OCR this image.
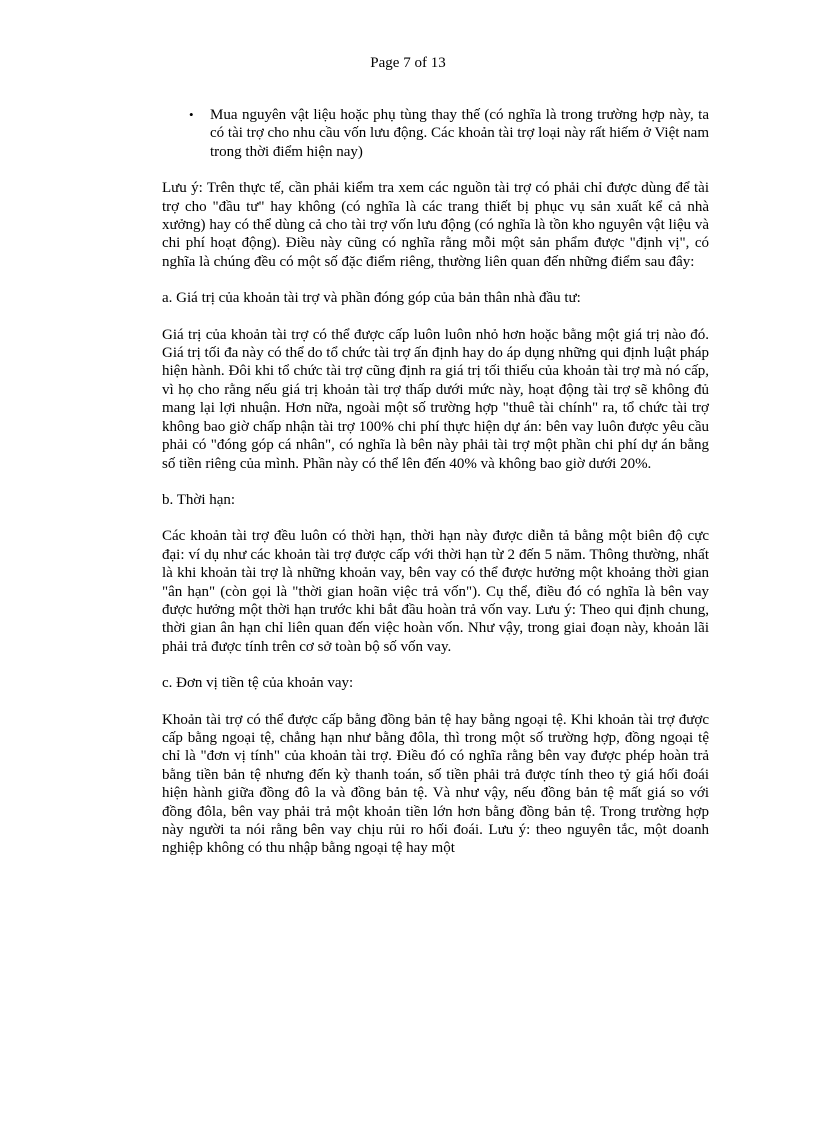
Page 7 of 13
• Mua nguyên vật liệu hoặc phụ tùng thay thế (có nghĩa là trong trường hợp này, ta có tài trợ cho nhu cầu vốn lưu động. Các khoản tài trợ loại này rất hiếm ở Việt nam trong thời điểm hiện nay)

Lưu ý: Trên thực tế, cần phải kiểm tra xem các nguồn tài trợ có phải chỉ được dùng để tài trợ cho "đầu tư" hay không (có nghĩa là các trang thiết bị phục vụ sản xuất kể cả nhà xưởng) hay có thể dùng cả cho tài trợ vốn lưu động (có nghĩa là tồn kho nguyên vật liệu và chi phí hoạt động). Điều này cũng có nghĩa rằng mỗi một sản phẩm được "định vị", có nghĩa là chúng đều có một số đặc điểm riêng, thường liên quan đến những điểm sau đây:

a. Giá trị của khoản tài trợ và phần đóng góp của bản thân nhà đầu tư:

Giá trị của khoản tài trợ có thể được cấp luôn luôn nhỏ hơn hoặc bằng một giá trị nào đó. Giá trị tối đa này có thể do tổ chức tài trợ ấn định hay do áp dụng những qui định luật pháp hiện hành. Đôi khi tổ chức tài trợ cũng định ra giá trị tối thiểu của khoản tài trợ mà nó cấp, vì họ cho rằng nếu giá trị khoản tài trợ thấp dưới mức này, hoạt động tài trợ sẽ không đủ mang lại lợi nhuận. Hơn nữa, ngoài một số trường hợp "thuê tài chính" ra, tổ chức tài trợ không bao giờ chấp nhận tài trợ 100% chi phí thực hiện dự án: bên vay luôn được yêu cầu phải có "đóng góp cá nhân", có nghĩa là bên này phải tài trợ một phần chi phí dự án bằng số tiền riêng của mình. Phần này có thể lên đến 40% và không bao giờ dưới 20%.

b. Thời hạn:

Các khoản tài trợ đều luôn có thời hạn, thời hạn này được diễn tả bằng một biên độ cực đại: ví dụ như các khoản tài trợ được cấp với thời hạn từ 2 đến 5 năm. Thông thường, nhất là khi khoản tài trợ là những khoản vay, bên vay có thể được hưởng một khoảng thời gian "ân hạn" (còn gọi là "thời gian hoãn việc trả vốn"). Cụ thể, điều đó có nghĩa là bên vay được hưởng một thời hạn trước khi bắt đầu hoàn trả vốn vay. Lưu ý: Theo qui định chung, thời gian ân hạn chỉ liên quan đến việc hoàn vốn. Như vậy, trong giai đoạn này, khoản lãi phải trả được tính trên cơ sở toàn bộ số vốn vay.

c. Đơn vị tiền tệ của khoản vay:

Khoản tài trợ có thể được cấp bằng đồng bản tệ hay bằng ngoại tệ. Khi khoản tài trợ được cấp bằng ngoại tệ, chẳng hạn như bằng đôla, thì trong một số trường hợp, đồng ngoại tệ chỉ là "đơn vị tính" của khoản tài trợ. Điều đó có nghĩa rằng bên vay được phép hoàn trả bằng tiền bản tệ nhưng đến kỳ thanh toán, số tiền phải trả được tính theo tỷ giá hối đoái hiện hành giữa đồng đô la và đồng bản tệ. Và như vậy, nếu đồng bản tệ mất giá so với đồng đôla, bên vay phải trả một khoản tiền lớn hơn bằng đồng bản tệ. Trong trường hợp này người ta nói rằng bên vay chịu rủi ro hối đoái. Lưu ý: theo nguyên tắc, một doanh nghiệp không có thu nhập bằng ngoại tệ hay một
